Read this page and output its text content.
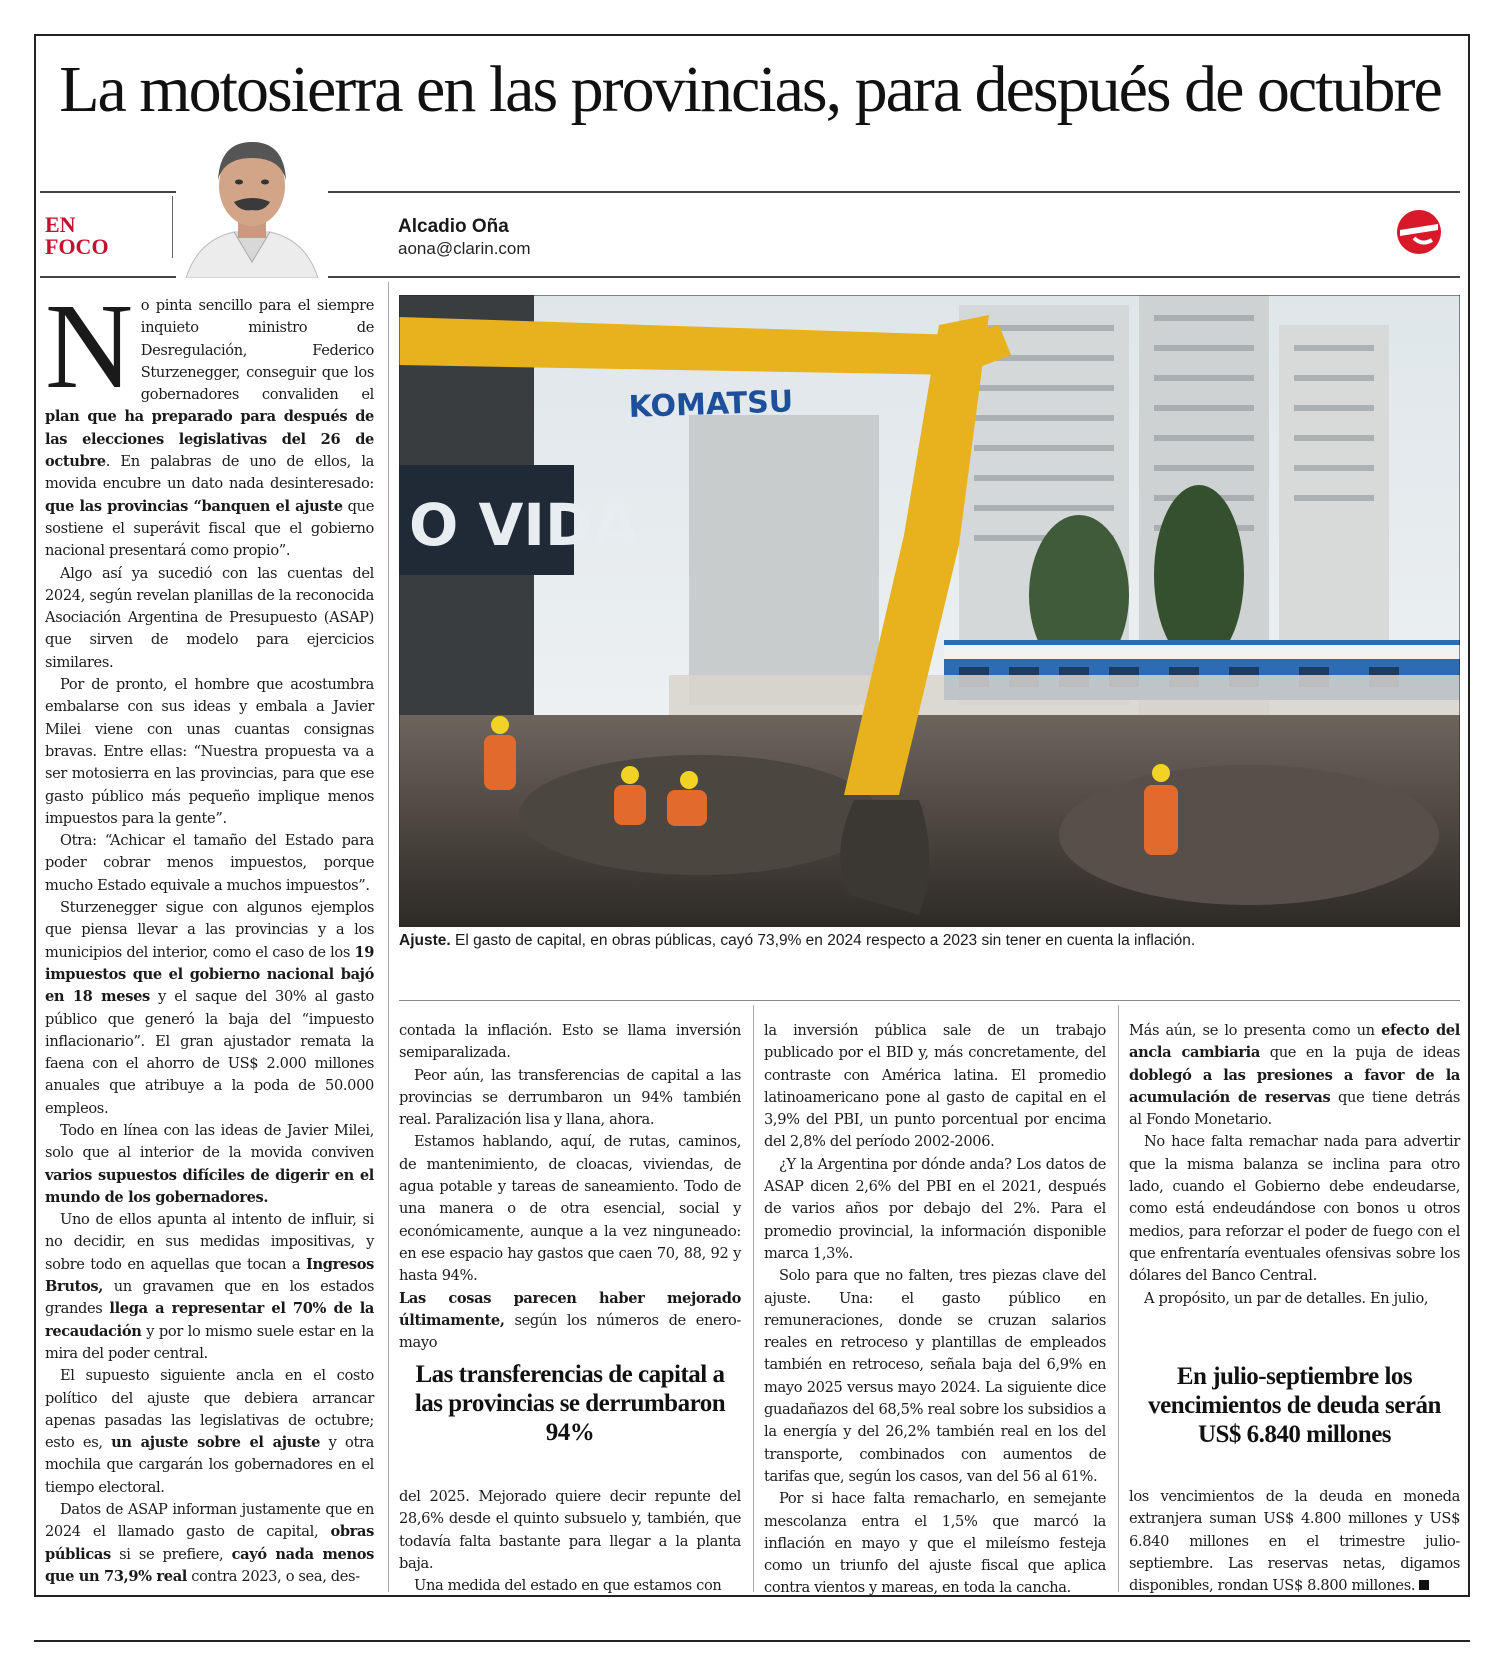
La motosierra en las provincias, para después de octubre
EN
FOCO
Alcadio Oña
aona@clarin.com

No pinta sencillo para el siempre inquieto ministro de Desregulación, Federico Sturzenegger, conseguir que los gobernadores convaliden el plan que ha preparado para después de las elecciones legislativas del 26 de octubre. En palabras de uno de ellos, la movida encubre un dato nada desinteresado: que las provincias “banquen el ajuste que sostiene el superávit fiscal que el gobierno nacional presentará como propio”.

Algo así ya sucedió con las cuentas del 2024, según revelan planillas de la reconocida Asociación Argentina de Presupuesto (ASAP) que sirven de modelo para ejercicios similares.

Por de pronto, el hombre que acostumbra embalarse con sus ideas y embala a Javier Milei viene con unas cuantas consignas bravas. Entre ellas: “Nuestra propuesta va a ser motosierra en las provincias, para que ese gasto público más pequeño implique menos impuestos para la gente”.

Otra: “Achicar el tamaño del Estado para poder cobrar menos impuestos, porque mucho Estado equivale a muchos impuestos”.

Sturzenegger sigue con algunos ejemplos que piensa llevar a las provincias y a los municipios del interior, como el caso de los 19 impuestos que el gobierno nacional bajó en 18 meses y el saque del 30% al gasto público que generó la baja del “impuesto inflacionario”. El gran ajustador remata la faena con el ahorro de US$ 2.000 millones anuales que atribuye a la poda de 50.000 empleos.

Todo en línea con las ideas de Javier Milei, solo que al interior de la movida conviven varios supuestos difíciles de digerir en el mundo de los gobernadores.

Uno de ellos apunta al intento de influir, si no decidir, en sus medidas impositivas, y sobre todo en aquellas que tocan a Ingresos Brutos, un gravamen que en los estados grandes llega a representar el 70% de la recaudación y por lo mismo suele estar en la mira del poder central.

El supuesto siguiente ancla en el costo político del ajuste que debiera arrancar apenas pasadas las legislativas de octubre; esto es, un ajuste sobre el ajuste y otra mochila que cargarán los gobernadores en el tiempo electoral.

Datos de ASAP informan justamente que en 2024 el llamado gasto de capital, obras públicas si se prefiere, cayó nada menos que un 73,9% real contra 2023, o sea, des-

O VIDA
KOMATSU

Ajuste. El gasto de capital, en obras públicas, cayó 73,9% en 2024 respecto a 2023 sin tener en cuenta la inflación.

contada la inflación. Esto se llama inversión semiparalizada.

Peor aún, las transferencias de capital a las provincias se derrumbaron un 94% también real. Paralización lisa y llana, ahora.

Estamos hablando, aquí, de rutas, caminos, de mantenimiento, de cloacas, viviendas, de agua potable y tareas de saneamiento. Todo de una manera o de otra esencial, social y económicamente, aunque a la vez ninguneado: en ese espacio hay gastos que caen 70, 88, 92 y hasta 94%.

Las cosas parecen haber mejorado últimamente, según los números de enero-mayo

Las transferencias de capital a las provincias se derrumbaron 94%

del 2025. Mejorado quiere decir repunte del 28,6% desde el quinto subsuelo y, también, que todavía falta bastante para llegar a la planta baja.

Una medida del estado en que estamos con

la inversión pública sale de un trabajo publicado por el BID y, más concretamente, del contraste con América latina. El promedio latinoamericano pone al gasto de capital en el 3,9% del PBI, un punto porcentual por encima del 2,8% del período 2002-2006.

¿Y la Argentina por dónde anda? Los datos de ASAP dicen 2,6% del PBI en el 2021, después de varios años por debajo del 2%. Para el promedio provincial, la información disponible marca 1,3%.

Solo para que no falten, tres piezas clave del ajuste. Una: el gasto público en remuneraciones, donde se cruzan salarios reales en retroceso y plantillas de empleados también en retroceso, señala baja del 6,9% en mayo 2025 versus mayo 2024. La siguiente dice guadañazos del 68,5% real sobre los subsidios a la energía y del 26,2% también real en los del transporte, combinados con aumentos de tarifas que, según los casos, van del 56 al 61%.

Por si hace falta remacharlo, en semejante mescolanza entra el 1,5% que marcó la inflación en mayo y que el mileísmo festeja como un triunfo del ajuste fiscal que aplica contra vientos y mareas, en toda la cancha.

Más aún, se lo presenta como un efecto del ancla cambiaria que en la puja de ideas doblegó a las presiones a favor de la acumulación de reservas que tiene detrás al Fondo Monetario.

No hace falta remachar nada para advertir que la misma balanza se inclina para otro lado, cuando el Gobierno debe endeudarse, como está endeudándose con bonos u otros medios, para reforzar el poder de fuego con el que enfrentaría eventuales ofensivas sobre los dólares del Banco Central.

A propósito, un par de detalles. En julio,

En julio-septiembre los vencimientos de deuda serán US$ 6.840 millones

los vencimientos de la deuda en moneda extranjera suman US$ 4.800 millones y US$ 6.840 millones en el trimestre julio-septiembre. Las reservas netas, digamos disponibles, rondan US$ 8.800 millones.
